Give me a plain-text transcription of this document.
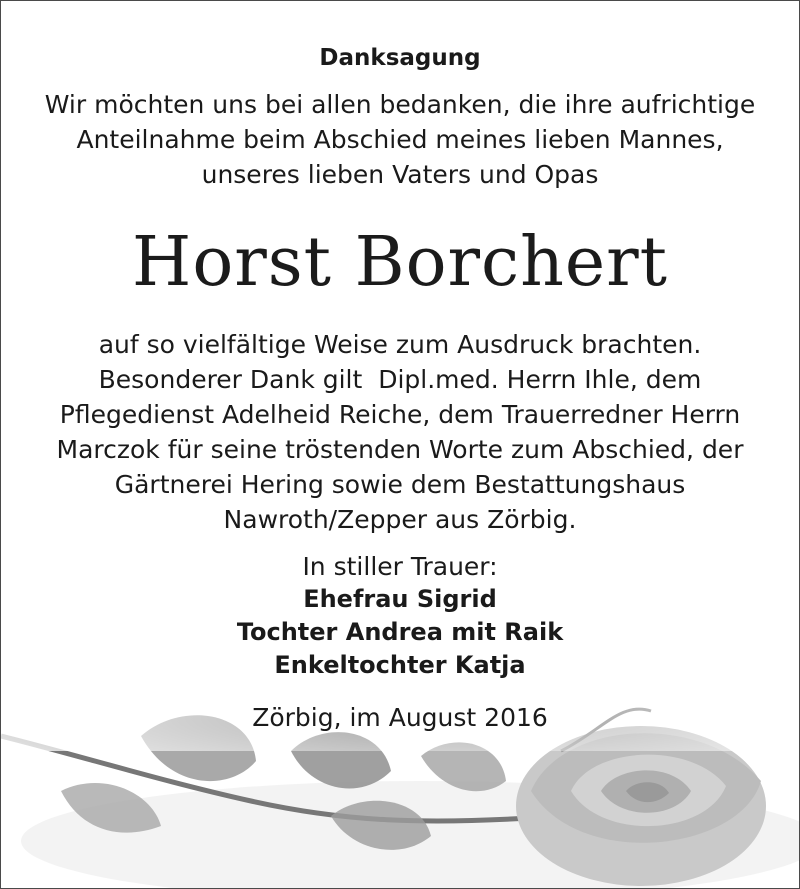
Danksagung
Wir möchten uns bei allen bedanken, die ihre aufrichtige
Anteilnahme beim Abschied meines lieben Mannes,
unseres lieben Vaters und Opas
Horst Borchert
auf so vielfältige Weise zum Ausdruck brachten.
Besonderer Dank gilt  Dipl.med. Herrn Ihle, dem
Pflegedienst Adelheid Reiche, dem Trauerredner Herrn
Marczok für seine tröstenden Worte zum Abschied, der
Gärtnerei Hering sowie dem Bestattungshaus
Nawroth/Zepper aus Zörbig.
In stiller Trauer:
Ehefrau Sigrid
Tochter Andrea mit Raik
Enkeltochter Katja
Zörbig, im August 2016
